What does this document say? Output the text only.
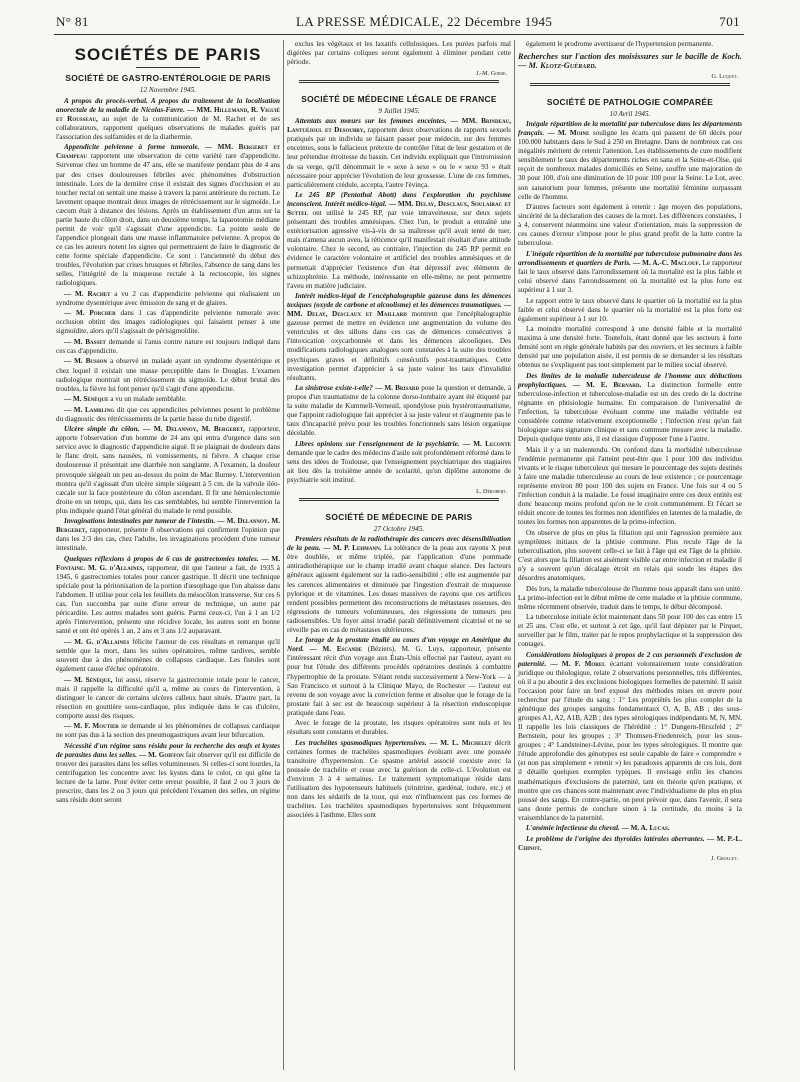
N° 81	LA PRESSE MÉDICALE, 22 Décembre 1945	701
SOCIÉTÉS DE PARIS
SOCIÉTÉ DE GASTRO-ENTÉROLOGIE DE PARIS

12 Novembre 1945.

A propos du procès-verbal. A propos du traitement de la localisation anorectale de la maladie de Nicolas-Favre. — MM. Hillemand, R. Viguié et Rousseau, au sujet de la communication de M. Rachet et de ses collaborateurs, rapportent quelques observations de malades guéris par l'association des sulfamides et de la diathermie.

Appendicite pelvienne à forme tumorale. — MM. Bergeret et Champeau rapportent une observation de cette variété rare d'appendicite. Survenue chez un homme de 47 ans, elle se manifeste pendant plus de 4 ans par des crises douloureuses fébriles avec phénomènes d'obstruction intestinale. Lors de la dernière crise il existait des signes d'occlusion et au toucher rectal on sentait une masse à travers la paroi antérieure du rectum. Le lavement opaque montrait deux images de rétrécissement sur le sigmoïde. Le cæcum était à distance des lésions. Après un établissement d'un anus sur la partie haute du côlon droit, dans un deuxième temps, la laparotomie médiane permit de voir qu'il s'agissait d'une appendicite. La pointe seule de l'appendice plongeait dans une masse inflammatoire pelvienne. A propos de ce cas les auteurs notent les signes qui permettraient de faire le diagnostic de cette forme spéciale d'appendicite. Ce sont : l'ancienneté du début des troubles, l'évolution par crises brusques et fébriles, l'absence de sang dans les selles, l'intégrité de la muqueuse rectale à la rectoscopie, les signes radiologiques.

— M. Rachet a vu 2 cas d'appendicite pelvienne qui réalisaient un syndrome dysentérique avec émission de sang et de glaires.

— M. Porcher dans 1 cas d'appendicite pelvienne tumorale avec occlusion obtint des images radiologiques qui faisaient penser à une sigmoïdite, alors qu'il s'agissait de périsigmoïdite.

— M. Basset demande si l'anus contre nature est toujours indiqué dans ces cas d'appendicite.

— M. Busson a observé un malade ayant un syndrome dysentérique et chez lequel il existait une masse perceptible dans le Douglas. L'examen radiologique montrait un rétrécissement du sigmoïde. Le début brutal des troubles, la fièvre lui font penser qu'il s'agit d'une appendicite.

— M. Sénèque a vu un malade semblable.

— M. Lambling dit que ces appendicites pelviennes posent le problème du diagnostic des rétrécissements de la partie basse du tube digestif.

Ulcère simple du côlon. — M. Delannoy, M. Bergeret, rapporteur, apporte l'observation d'un homme de 24 ans qui entra d'urgence dans son service avec le diagnostic d'appendicite aiguë. Il se plaignait de douleurs dans le flanc droit, sans nausées, ni vomissements, ni fièvre. A chaque crise douloureuse il présentait une diarrhée non sanglante. A l'examen, la douleur provoquée siégeait un peu au-dessus du point de Mac Burney. L'intervention montra qu'il s'agissait d'un ulcère simple siégeant à 5 cm. de la valvule iléo-cæcale sur la face postérieure du côlon ascendant. Il fit une hémicolectomie droite en un temps, qui, dans les cas semblables, lui semble l'intervention la plus indiquée quand l'état général du malade le rend possible.

Invaginations intestinales par tumeur de l'intestin. — M. Delannoy. M. Bergeret, rapporteur, présente 8 observations qui confirment l'opinion que dans les 2/3 des cas, chez l'adulte, les invaginations procèdent d'une tumeur intestinale.

Quelques réflexions à propos de 6 cas de gastrectomies totales. — M. Fontaine. M. G. d'Allaines, rapporteur, dit que l'auteur a fait, de 1935 à 1945, 6 gastrectomies totales pour cancer gastrique. Il décrit une technique spéciale pour la péritonisation de la portion d'œsophage que l'on abaisse dans l'abdomen. Il utilise pour cela les feuillets du mésocôlon transverse. Sur ces 6 cas, l'un succomba par suite d'une erreur de technique, un autre par péricardite. Les autres malades sont guéris. Parmi ceux-ci, l'un à 1 an 1/2 après l'intervention, présente une récidive locale, les autres sont en bonne santé et ont été opérés 1 an, 2 ans et 3 ans 1/2 auparavant.

— M. G. d'Allaines félicite l'auteur de ces résultats et remarque qu'il semble que la mort, dans les suites opératoires, même tardives, semble souvent due à des phénomènes de collapsus cardiaque. Les fistules sont également cause d'échec opératoire.

— M. Sénèque, lui aussi, réserve la gastrectomie totale pour le cancer, mais il rappelle la difficulté qu'il a, même au cours de l'intervention, à distinguer le cancer de certains ulcères calleux haut situés. D'autre part, la résection en gouttière sous-cardiaque, plus indiquée dans le cas d'ulcère, comporte aussi des risques.

— M. F. Moutier se demande si les phénomènes de collapsus cardiaque ne sont pas dus à la section des pneumogastriques avant leur bifurcation.

Nécessité d'un régime sans résidu pour la recherche des œufs et kystes de parasites dans les selles. — M. Goiffon fait observer qu'il est difficile de trouver des parasites dans les selles volumineuses. Si celles-ci sont lourdes, la centrifugation les concentre avec les kystes dans le culot, ce qui gêne la lecture de la lame. Pour éviter cette erreur possible, il faut 2 ou 3 jours de prescrire, dans les 2 ou 3 jours qui précèdent l'examen des selles, un régime sans résidu dont seront

exclus les végétaux et les laxatifs cellulosiques. Les purées parfois mal digérées par certains coliques seront également à éliminer pendant cette période.

J.-M. Gorse.

SOCIÉTÉ DE MÉDECINE LÉGALE DE FRANCE

9 Juillet 1945.

Attentats aux mœurs sur les femmes enceintes. — MM. Brindeau, Lantuéjoul et Desoubry, rapportent deux observations de rapports sexuels pratiqués par un individu se faisant passer pour médecin, sur des femmes enceintes, sous le fallacieux prétexte de contrôler l'état de leur gestation et de leur prétendue étroitesse du bassin. Cet individu expliquait que l'intromission de sa verge, qu'il dénommait le « sexe à sexe » ou le « sexe 93 » était nécessaire pour apprécier l'évolution de leur grossesse. L'une de ces femmes, particulièrement crédule, accepta, l'autre l'évinça.

Le 245 RP (Pentothal Abott) dans l'exploration du psychisme inconscient. Intérêt médico-légal. — MM. Delay, Desclaux, Soulairac et Suttel ont utilisé le 245 RP, par voie intraveineuse, sur deux sujets présentant des troubles amnésiques. Chez l'un, le produit a entraîné une extériorisation agressive vis-à-vis de sa maîtresse qu'il avait tenté de tuer, mais n'amena aucun aveu, la réticence qu'il manifestait résultait d'une attitude volontaire. Chez le second, au contraire, l'injection du 245 RP permit en évidence le caractère volontaire et artificiel des troubles amnésiques et de permettait d'apprécier l'existence d'un état dépressif avec éléments de schizophrénie. La méthode, intéressante en elle-même, ne peut permettre l'aveu en matière judiciaire.

Intérêt médico-légal de l'encéphalographie gazeuse dans les démences toxiques (oxyde de carbone et alcoolisme) et les démences traumatiques. — MM. Delay, Desclaux et Maillard montrent que l'encéphalographie gazeuse permet de mettre en évidence une augmentation du volume des ventricules et des sillons dans ces cas de démences consécutives à l'intoxication oxycarbonnée et dans les démences alcooliques. Des modifications radiologiques analogues sont constatées à la suite des troubles psychiques graves et définitifs consécutifs post-traumatiques. Cette investigation permet d'apprécier à sa juste valeur les taux d'invalidité résultants.

La sinistrose existe-t-elle? — M. Brisard pose la question et demande, à propos d'un traumatisme de la colonne dorso-lombaire ayant été étiqueté par la suite maladie de Kummell-Verneuil, spondylose puis hystérotraumatisme, que l'appoint radiologique fait apprécier à sa juste valeur et n'augmente pas le taux d'incapacité prévu pour les troubles fonctionnels sans lésion organique décelable.

Libres opinions sur l'enseignement de la psychiatrie. — M. Leconte demande que le cadre des médecins d'asile soit profondément réformé dans le sens des idées de Toulouse, que l'enseignement psychiatrique des stagiaires ait lieu dès la troisième année de scolarité, qu'un diplôme autonome de psychiatrie soit institué.

L. Dérobert.

SOCIÉTÉ DE MÉDECINE DE PARIS

27 Octobre 1945.

Premiers résultats de la radiothérapie des cancers avec désensibilisation de la peau. — M. P. Lehmann. La tolérance de la peau aux rayons X peut être doublée, et même triplée, par l'application d'une pommade antiradiothérapique sur le champ irradié avant chaque séance. Des facteurs généraux agissent également sur la radio-sensibilité ; elle est augmentée par les carences alimentaires et diminuée par l'ingestion d'extrait de muqueuse pylorique et de vitamines. Les doses massives de rayons que ces artifices rendent possibles permettent des reconstructions de métastases osseuses, des régressions de tumeurs volumineuses, des régressions de tumeurs peu radiosensibles. Un foyer ainsi irradié paraît définitivement cicatrisé et ne se réveille pas en cas de métastases ultérieures.

Le forage de la prostate étudié au cours d'un voyage en Amérique du Nord. — M. Escande (Béziers). M. G. Luys, rapporteur, présente l'intéressant récit d'un voyage aux États-Unis effectué par l'auteur, ayant eu pour but l'étude des différents procédés opératoires destinés à combattre l'hypertrophie de la prostate. S'étant rendu successivement à New-York — à San Francisco et surtout à la Clinique Mayo, de Rochester — l'auteur est revenu de son voyage avec la conviction ferme et absolue que le forage de la prostate fait à sec est de beaucoup supérieur à la résection endoscopique pratiquée dans l'eau.

Avec le forage de la prostate, les risques opératoires sont nuls et les résultats sont constants et durables.

Les trachéites spasmodiques hypertensives. — M. L. Michelet décrit certaines formes de trachéites spasmodiques évoluant avec une poussée transitoire d'hypertension. Ce spasme artériel associé coexiste avec la poussée de trachéite et cesse avec la guérison de celle-ci. L'évolution est d'environ 3 à 4 semaines. Le traitement symptomatique réside dans l'utilisation des hypotenseurs habituels (trinitrine, gardénal, iodure, etc.) et non dans les sédatifs de la toux, qui eux n'influencent pas ces formes de trachéites. Les trachéites spasmodiques hypertensives sont fréquemment associées à l'asthme. Elles sont

également le prodrome avertisseur de l'hypertension permanente.

Recherches sur l'action des moisissures sur le bacille de Koch. — M. Klotz-Guérard.

G. Luquet.

SOCIÉTÉ DE PATHOLOGIE COMPARÉE

10 Avril 1945.

Inégale répartition de la mortalité par tuberculose dans les départements français. — M. Moine souligne les écarts qui passent de 60 décès pour 100.000 habitants dans le Sud à 250 en Bretagne. Dans de nombreux cas ces inégalités méritent de retenir l'attention. Les établissements de cure modifient sensiblement le taux des départements riches en sana et la Seine-et-Oise, qui reçoit de nombreux malades domiciliés en Seine, souffre une majoration de 30 pour 100, d'où une diminution de 10 pour 100 pour la Seine. Le Lot, avec son sanatorium pour femmes, présente une mortalité féminine surpassant celle de l'homme.

D'autres facteurs sont également à retenir : âge moyen des populations, sincérité de la déclaration des causes de la mort. Les différences constatées, 1 à 4, conservent néanmoins une valeur d'orientation, mais la suppression de ces causes d'erreur s'impose pour le plus grand profit de la lutte contre la tuberculose.

L'inégale répartition de la mortalité par tuberculose pulmonaire dans les arrondissements et quartiers de Paris. — M. A.-C. Maclouf. Le rapporteur fait le taux observé dans l'arrondissement où la mortalité est la plus faible et celui observé dans l'arrondissement où la mortalité est la plus forte est supérieur à 1 sur 3.

Le rapport entre le taux observé dans le quartier où la mortalité est la plus faible et celui observé dans le quartier où la mortalité est la plus forte est également supérieur à 1 sur 10.

La moindre mortalité correspond à une densité faible et la mortalité maxima à une densité forte. Toutefois, étant donné que les secteurs à forte densité sont en règle générale habités par des ouvriers, et les secteurs à faible densité par une population aisée, il est permis de se demander si les résultats obtenus ne s'expliquent pas tout simplement par le milieu social observé.

Des limites de la maladie tuberculeuse de l'homme aux déductions prophylactiques. — M. E. Bernard. La distinction formelle entre tuberculose-infection et tuberculose-maladie est un des credo de la doctrine régnante en phtisiologie humaine. En comparaison de l'universalité de l'infection, la tuberculose évoluant comme une maladie véritable est considérée comme relativement exceptionnelle ; l'infection n'est qu'un fait biologique sans signature clinique et sans commune mesure avec la maladie. Depuis quelque trente ans, il est classique d'opposer l'une à l'autre.

Mais il y a un malentendu. On confond dans la morbidité tuberculeuse l'endémie permanente qui l'atteint peut-être que 1 pour 100 des individus vivants et le risque tuberculeux qui mesure le pourcentage des sujets destinés à faire une maladie tuberculeuse au cours de leur existence ; ce pourcentage représente environ 80 pour 100 des sujets en France. Une fois sur 4 ou 5 l'infection conduit à la maladie. Le fossé imaginaire entre ces deux entités est donc beaucoup moins profond qu'on ne le croit communément. Et l'écart se réduit encore de toutes les formes non identifiées en latentes de la maladie, de toutes les formes non apparentes de la primo-infection.

On observe de plus en plus la filiation qui unit l'agression première aux symptômes initiaux de la phtisie commune. Plus recule l'âge de la tuberculisation, plus souvent celle-ci se fait à l'âge qui est l'âge de la phtisie. C'est alors que la filiation est aisément visible car entre infection et maladie il n'y a souvent qu'un décalage étroit en relais qui soude les étapes des désordres anatomiques.

Dès lors, la maladie tuberculeuse de l'homme nous apparaît dans son unité. La primo-infection est le début même de cette maladie et la phtisie commune, même récemment observée, traduit dans le temps, le début décomposé.

La tuberculose initiale éclot maintenant dans 50 pour 100 des cas entre 15 et 25 ans. C'est elle, et surtout à cet âge, qu'il faut dépister par le Pirquet, surveiller par le film, traiter par le repos prophylactique et la suppression des contages.

Considérations biologiques à propos de 2 cas personnels d'exclusion de paternité. — M. F. Morel écartant volontairement toute considération juridique ou théologique, relate 2 observations personnelles, très différentes, où il a pu aboutir à des exclusions biologiques formelles de paternité. Il saisit l'occasion pour faire un bref exposé des méthodes mises en œuvre pour rechercher par l'étude du sang : 1° Les propriétés les plus complet de la génétique des groupes sanguins fondamentaux O, A, B, AB ; des sous-groupes A1, A2, A1B, A2B ; des types sérologiques indépendants M, N, MN. Il rappelle les lois classiques de l'hérédité : 1° Dungern-Hirszfeld ; 2° Bernstein, pour les groupes ; 3° Thomsen-Friedenreich, pour les sous-groupes ; 4° Landsteiner-Lévine, pour les types sérologiques. Il montre que l'étude approfondie des génotypes est seule capable de faire « comprendre » (et non pas simplement « retenir ») les paradoxes apparents de ces lois, dont il détaille quelques exemples typiques. Il envisage enfin les chances mathématiques d'exclusions de paternité, tant en théorie qu'en pratique, et montre que ces chances sont maintenant avec l'individualisme de plus en plus poussé des sangs. En contre-partie, on peut prévoir que, dans l'avenir, il sera sans doute permis de conclure sinon à la certitude, du moins à la vraisemblance de la paternité.

L'anémie infectieuse du cheval. — M. A. Lucas.

Le problème de l'origine des thyroïdes latérales aberrantes. — M. P.-L. Chinot.

J. Grollet.
